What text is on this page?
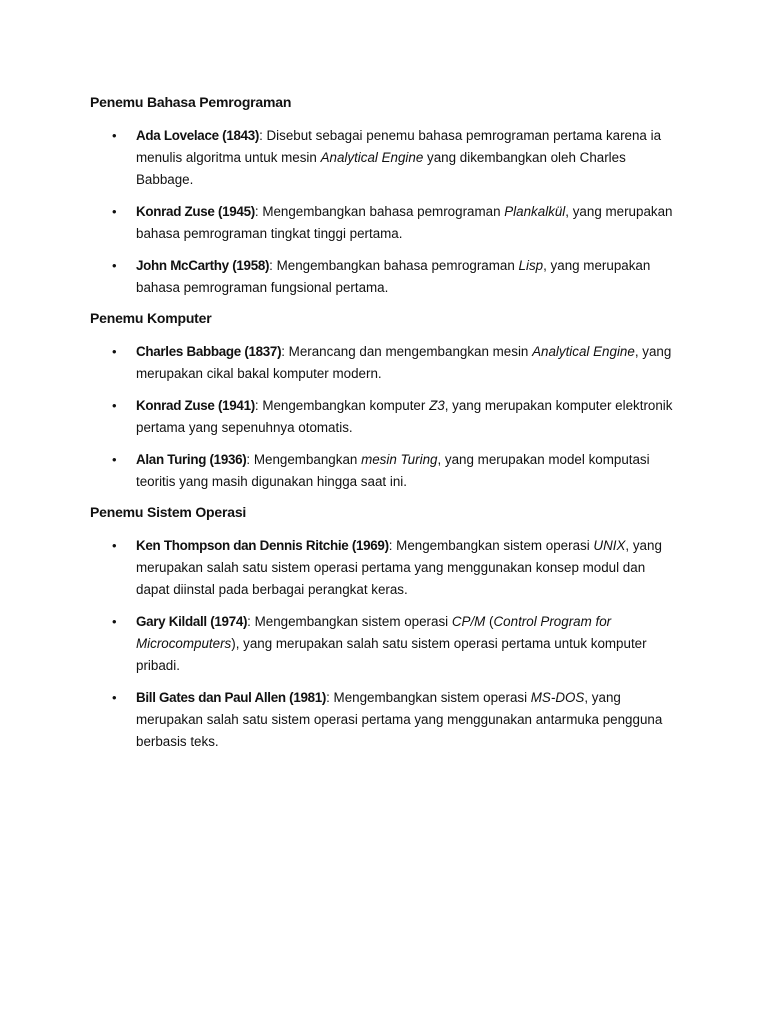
Penemu Bahasa Pemrograman
• Ada Lovelace (1843): Disebut sebagai penemu bahasa pemrograman pertama karena ia menulis algoritma untuk mesin Analytical Engine yang dikembangkan oleh Charles Babbage.
• Konrad Zuse (1945): Mengembangkan bahasa pemrograman Plankalkül, yang merupakan bahasa pemrograman tingkat tinggi pertama.
• John McCarthy (1958): Mengembangkan bahasa pemrograman Lisp, yang merupakan bahasa pemrograman fungsional pertama.
Penemu Komputer
• Charles Babbage (1837): Merancang dan mengembangkan mesin Analytical Engine, yang merupakan cikal bakal komputer modern.
• Konrad Zuse (1941): Mengembangkan komputer Z3, yang merupakan komputer elektronik pertama yang sepenuhnya otomatis.
• Alan Turing (1936): Mengembangkan mesin Turing, yang merupakan model komputasi teoritis yang masih digunakan hingga saat ini.
Penemu Sistem Operasi
• Ken Thompson dan Dennis Ritchie (1969): Mengembangkan sistem operasi UNIX, yang merupakan salah satu sistem operasi pertama yang menggunakan konsep modul dan dapat diinstal pada berbagai perangkat keras.
• Gary Kildall (1974): Mengembangkan sistem operasi CP/M (Control Program for Microcomputers), yang merupakan salah satu sistem operasi pertama untuk komputer pribadi.
• Bill Gates dan Paul Allen (1981): Mengembangkan sistem operasi MS-DOS, yang merupakan salah satu sistem operasi pertama yang menggunakan antarmuka pengguna berbasis teks.
